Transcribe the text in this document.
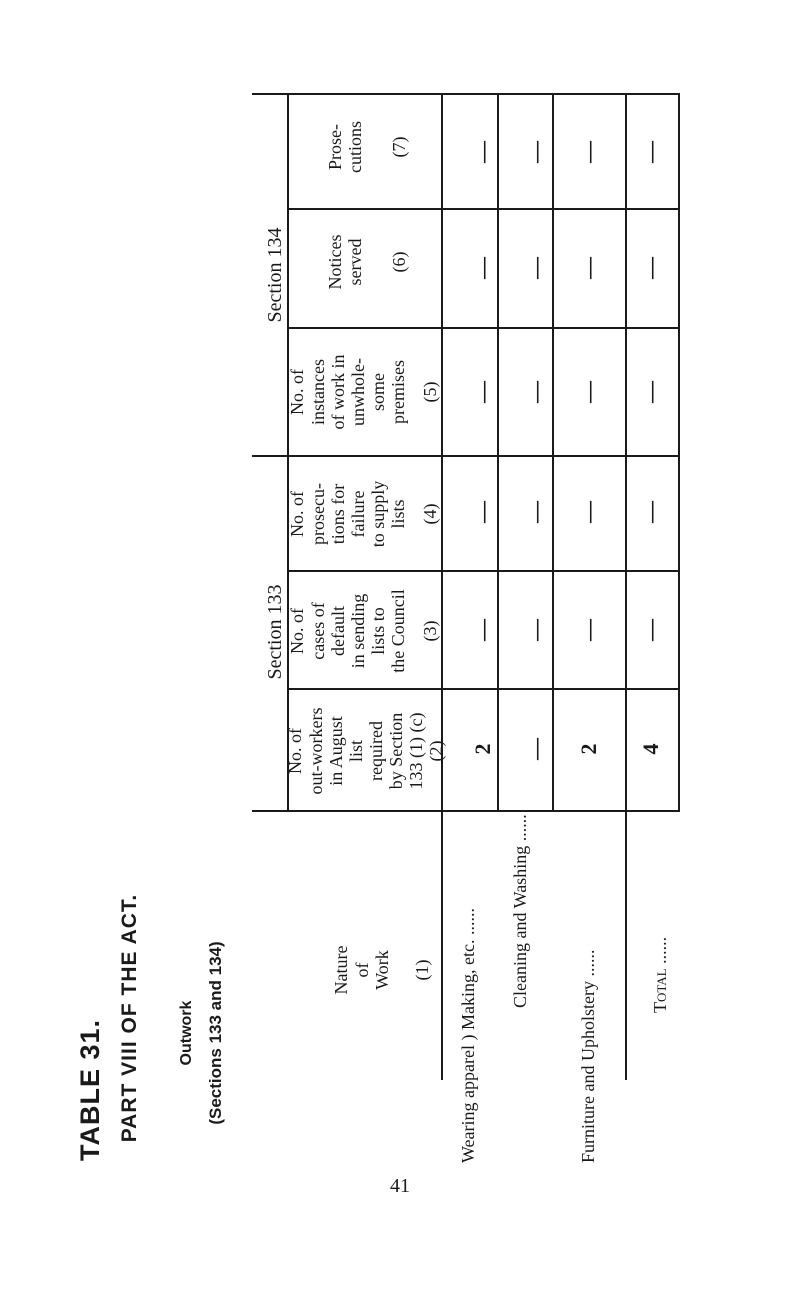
TABLE 31. PART VIII OF THE ACT. Outwork (Sections 133 and 134)
Section 134
Section 133
Nature of Work (1)
No. of out-workers in August list required by Section 133 (1) (c) (2)
No. of cases of default in sending lists to the Council (3)
No. of prosecu- tions for failure to supply lists (4)
No. of instances of work in unwhole- some premises (5)
Notices served (6)
Prose- cutions (7)
Wearing apparel ) Making, etc. ...... Cleaning and Washing ......
Furniture and Upholstery ......	Total ......
2
—
—
—
—
—
—
—
—
—
—
—
2
—
—
—
—
—
4
—
—
—
—
—
41
